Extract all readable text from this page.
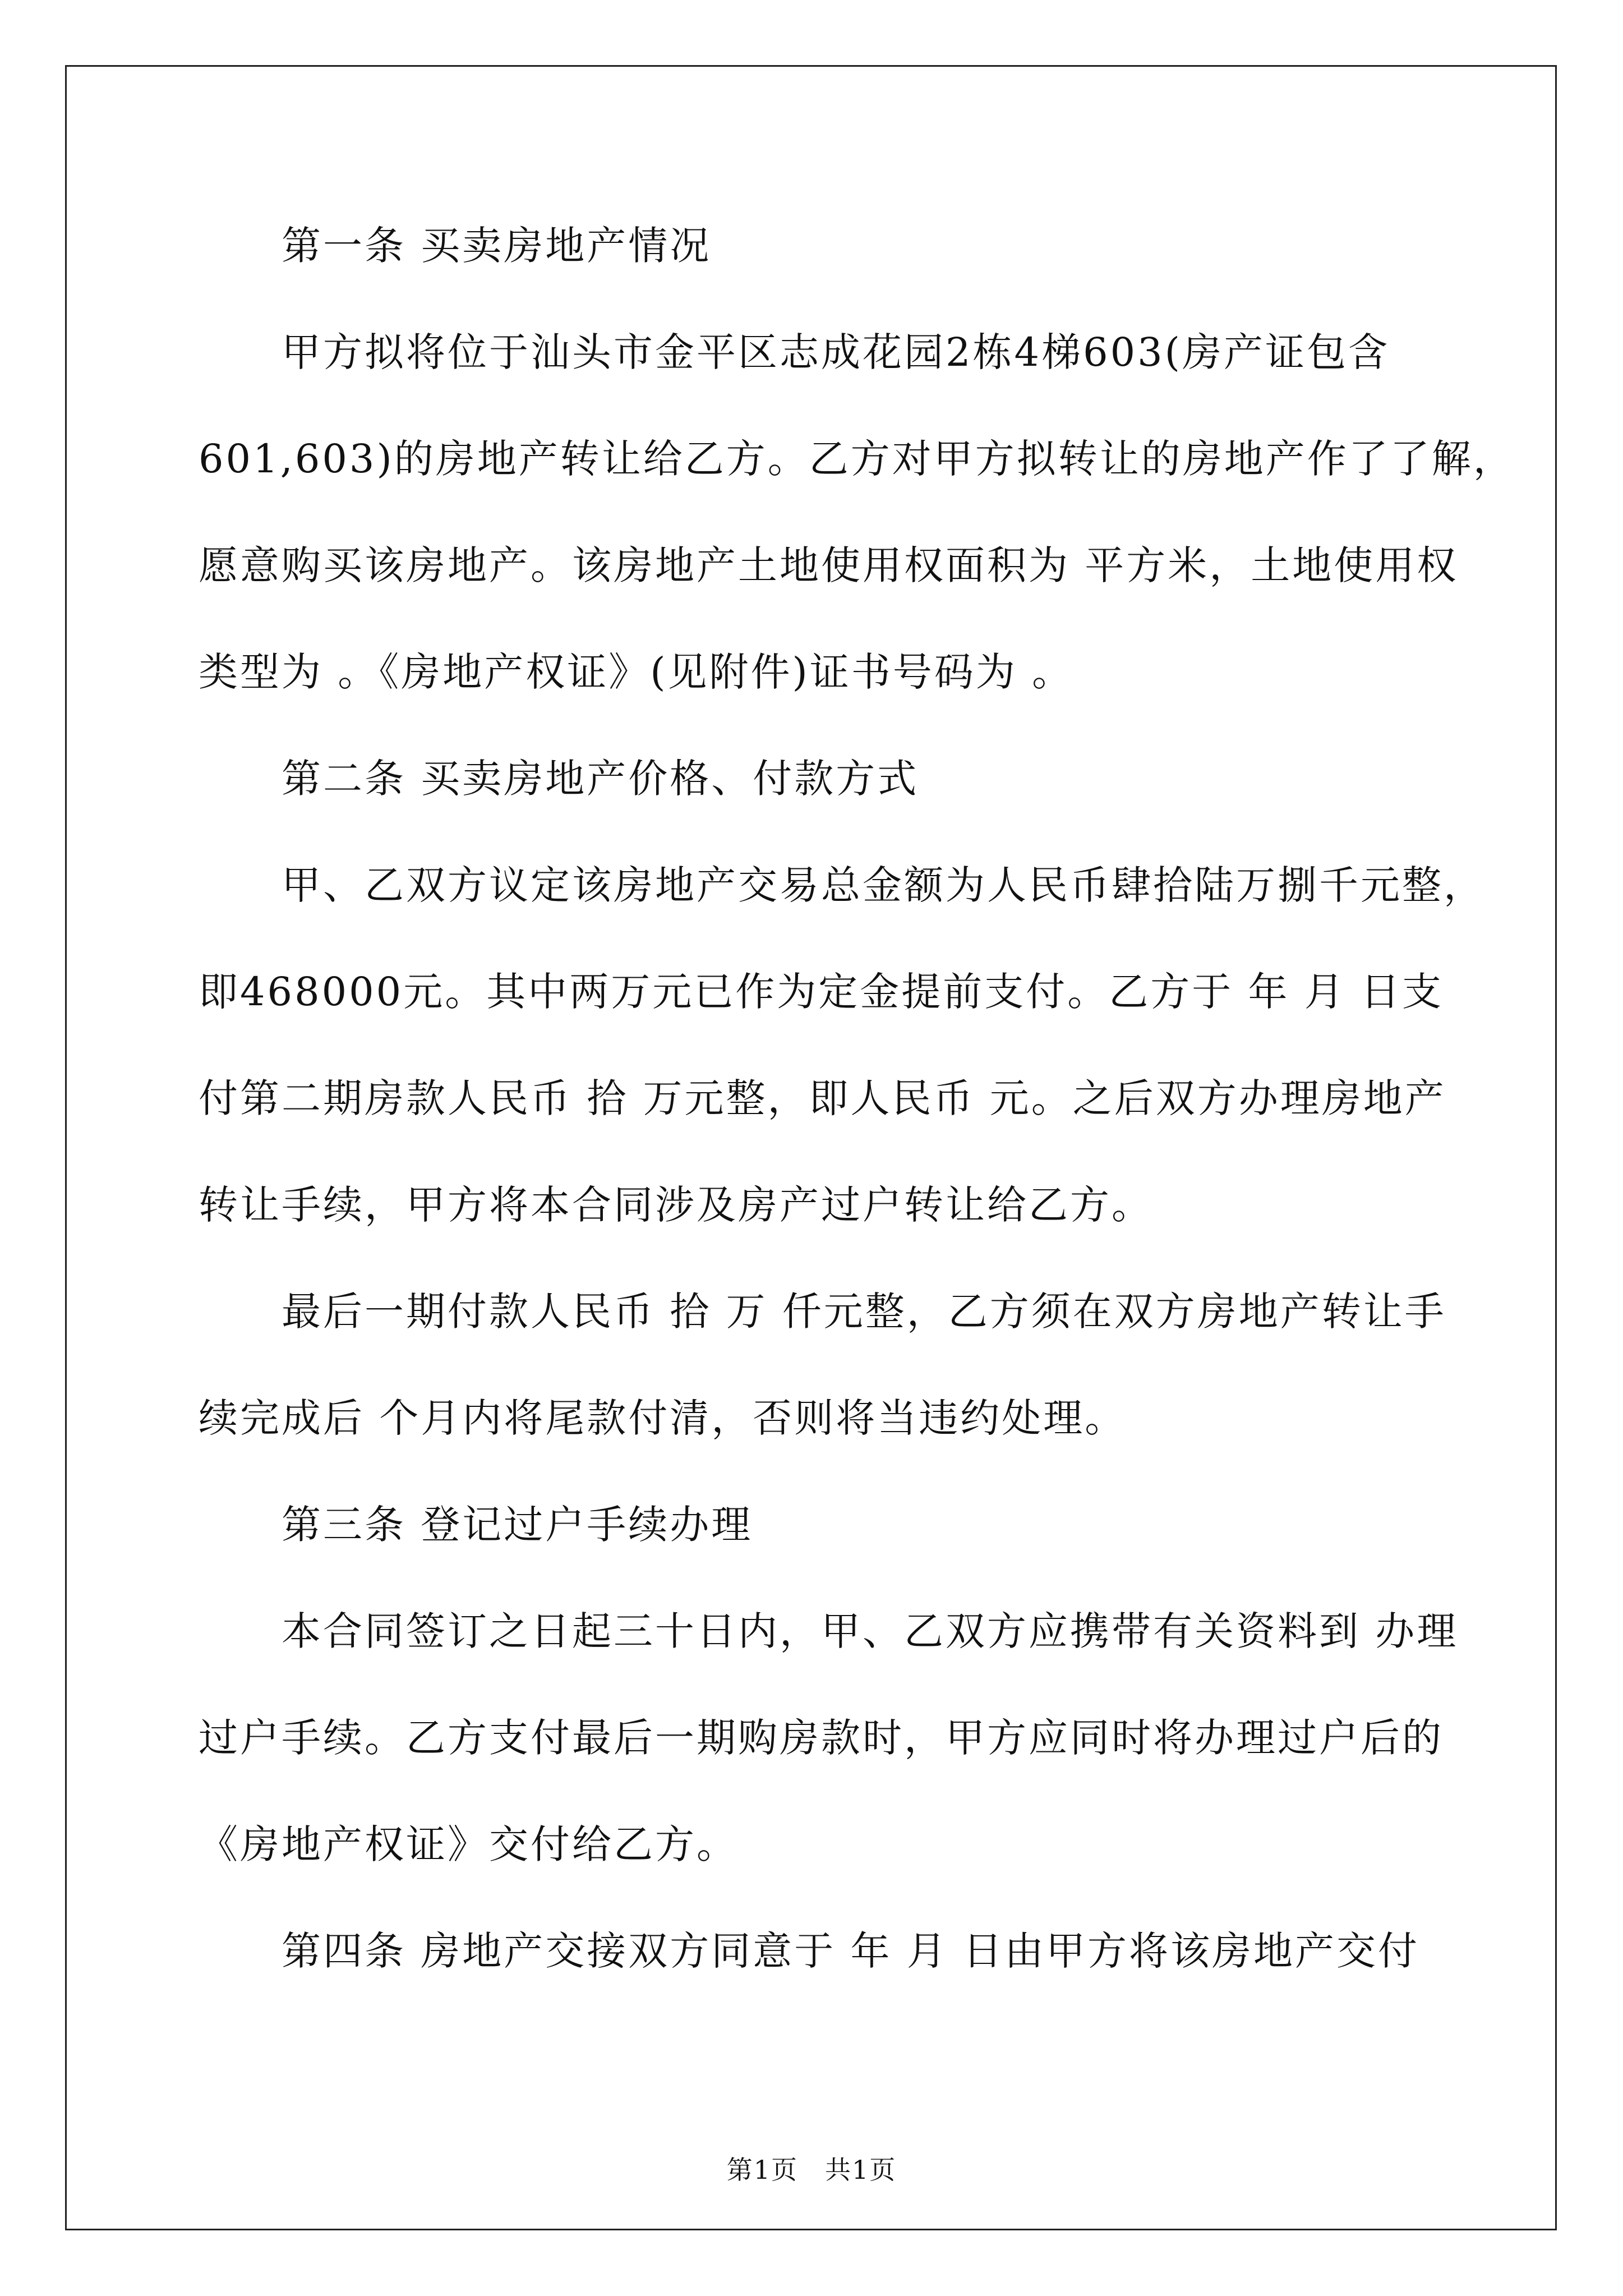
　　第一条 买卖房地产情况
　　甲方拟将位于汕头市金平区志成花园2栋4梯603(房产证包含
601,603)的房地产转让给乙方。乙方对甲方拟转让的房地产作了了解，
愿意购买该房地产。该房地产土地使用权面积为 平方米，土地使用权
类型为 。《房地产权证》(见附件)证书号码为 。
　　第二条 买卖房地产价格、付款方式
　　甲、乙双方议定该房地产交易总金额为人民币肆拾陆万捌千元整，
即468000元。其中两万元已作为定金提前支付。乙方于 年 月 日支
付第二期房款人民币 拾 万元整，即人民币 元。之后双方办理房地产
转让手续，甲方将本合同涉及房产过户转让给乙方。
　　最后一期付款人民币 拾 万 仟元整，乙方须在双方房地产转让手
续完成后 个月内将尾款付清，否则将当违约处理。
　　第三条 登记过户手续办理
　　本合同签订之日起三十日内，甲、乙双方应携带有关资料到 办理
过户手续。乙方支付最后一期购房款时，甲方应同时将办理过户后的
《房地产权证》交付给乙方。
　　第四条 房地产交接双方同意于 年 月 日由甲方将该房地产交付
第1页　共1页
